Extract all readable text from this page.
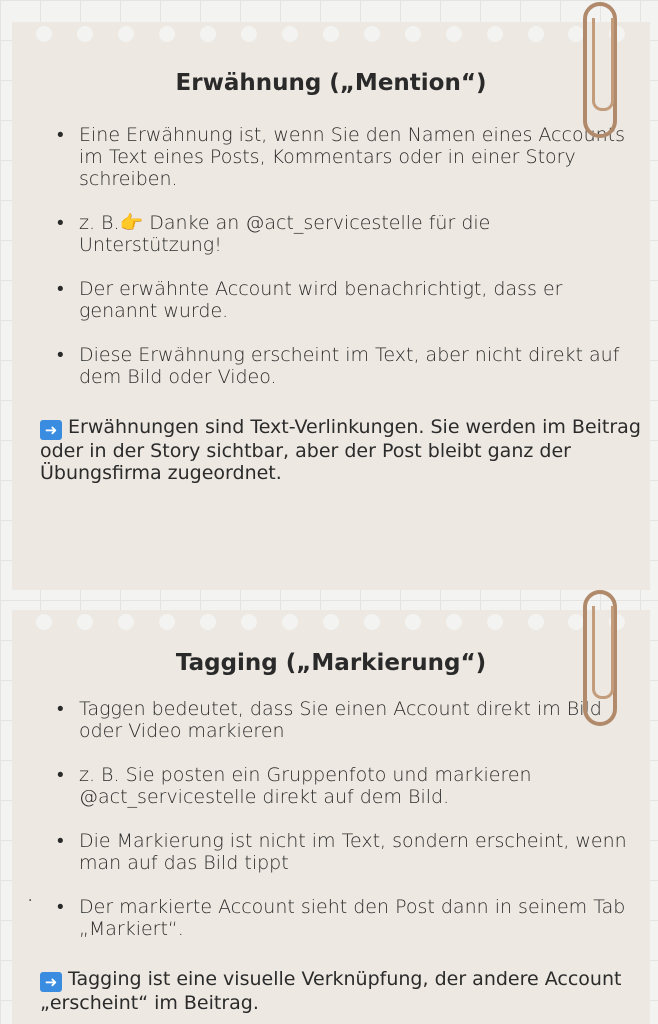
Erwähnung („Mention“)
• Eine Erwähnung ist, wenn Sie den Namen eines Accounts im Text eines Posts, Kommentars oder in einer Story schreiben.
• z. B.👉 Danke an @act_servicestelle für die Unterstützung!
• Der erwähnte Account wird benachrichtigt, dass er genannt wurde.
• Diese Erwähnung erscheint im Text, aber nicht direkt auf dem Bild oder Video.
➜ Erwähnungen sind Text-Verlinkungen. Sie werden im Beitrag oder in der Story sichtbar, aber der Post bleibt ganz der Übungsfirma zugeordnet.
Tagging („Markierung“)
• Taggen bedeutet, dass Sie einen Account direkt im Bild oder Video markieren
• z. B. Sie posten ein Gruppenfoto und markieren @act_servicestelle direkt auf dem Bild.
• Die Markierung ist nicht im Text, sondern erscheint, wenn man auf das Bild tippt
• Der markierte Account sieht den Post dann in seinem Tab „Markiert“.
➜ Tagging ist eine visuelle Verknüpfung, der andere Account „erscheint“ im Beitrag.
.
